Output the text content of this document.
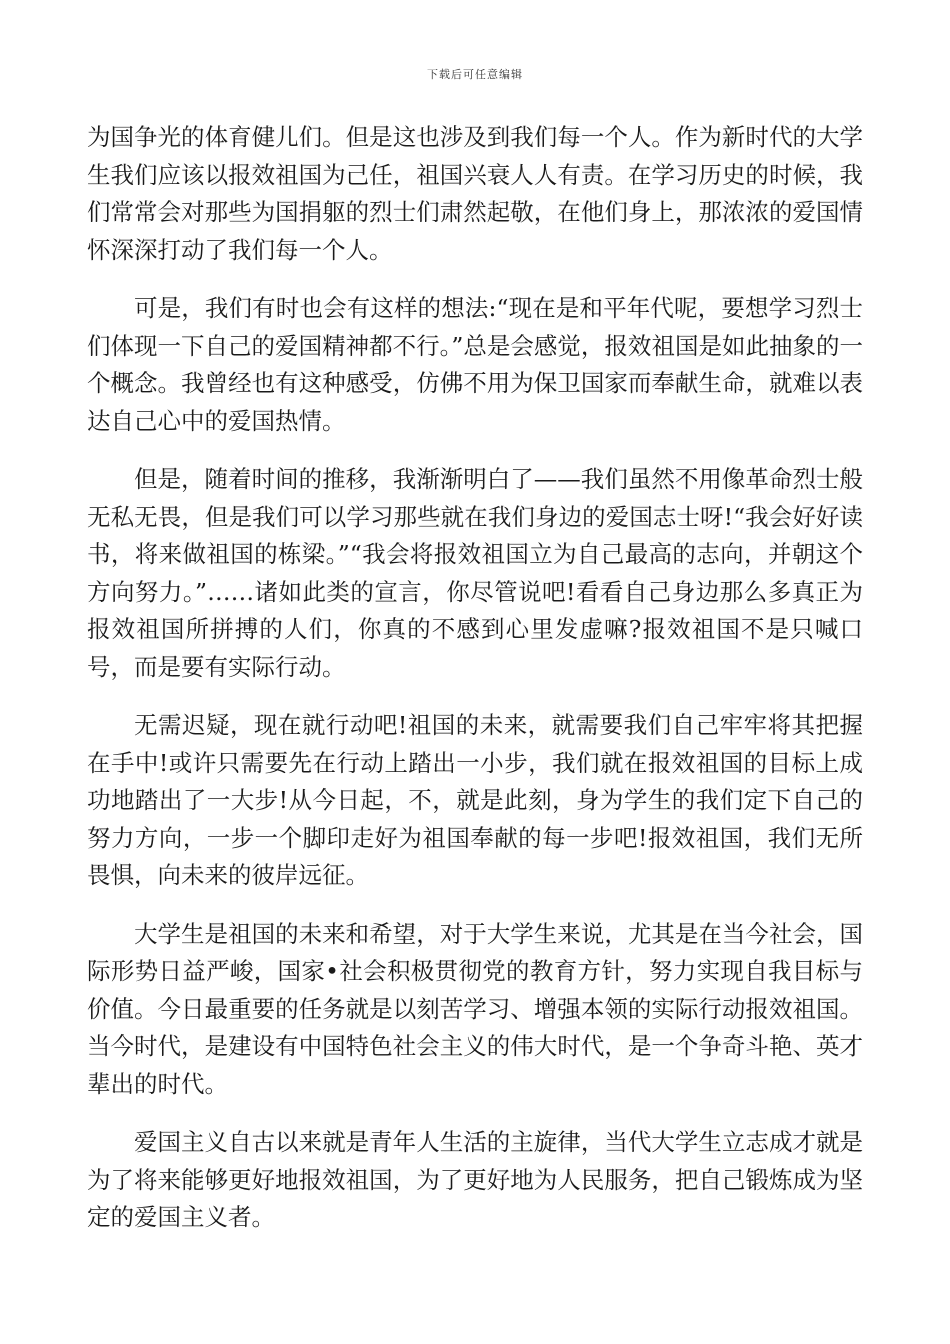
下载后可任意编辑

为国争光的体育健儿们。但是这也涉及到我们每一个人。作为新时代的大学生我们应该以报效祖国为己任，祖国兴衰人人有责。在学习历史的时候，我们常常会对那些为国捐躯的烈士们肃然起敬，在他们身上，那浓浓的爱国情怀深深打动了我们每一个人。

可是，我们有时也会有这样的想法:“现在是和平年代呢，要想学习烈士们体现一下自己的爱国精神都不行。”总是会感觉，报效祖国是如此抽象的一个概念。我曾经也有这种感受，仿佛不用为保卫国家而奉献生命，就难以表达自己心中的爱国热情。

但是，随着时间的推移，我渐渐明白了——我们虽然不用像革命烈士般无私无畏，但是我们可以学习那些就在我们身边的爱国志士呀!“我会好好读书，将来做祖国的栋梁。”“我会将报效祖国立为自己最高的志向，并朝这个方向努力。”……诸如此类的宣言，你尽管说吧!看看自己身边那么多真正为报效祖国所拼搏的人们，你真的不感到心里发虚嘛?报效祖国不是只喊口号，而是要有实际行动。

无需迟疑，现在就行动吧!祖国的未来，就需要我们自己牢牢将其把握在手中!或许只需要先在行动上踏出一小步，我们就在报效祖国的目标上成功地踏出了一大步!从今日起，不，就是此刻，身为学生的我们定下自己的努力方向，一步一个脚印走好为祖国奉献的每一步吧!报效祖国，我们无所畏惧，向未来的彼岸远征。

大学生是祖国的未来和希望，对于大学生来说，尤其是在当今社会，国际形势日益严峻，国家•社会积极贯彻党的教育方针，努力实现自我目标与价值。今日最重要的任务就是以刻苦学习、增强本领的实际行动报效祖国。当今时代，是建设有中国特色社会主义的伟大时代，是一个争奇斗艳、英才辈出的时代。

爱国主义自古以来就是青年人生活的主旋律，当代大学生立志成才就是为了将来能够更好地报效祖国，为了更好地为人民服务，把自己锻炼成为坚定的爱国主义者。
